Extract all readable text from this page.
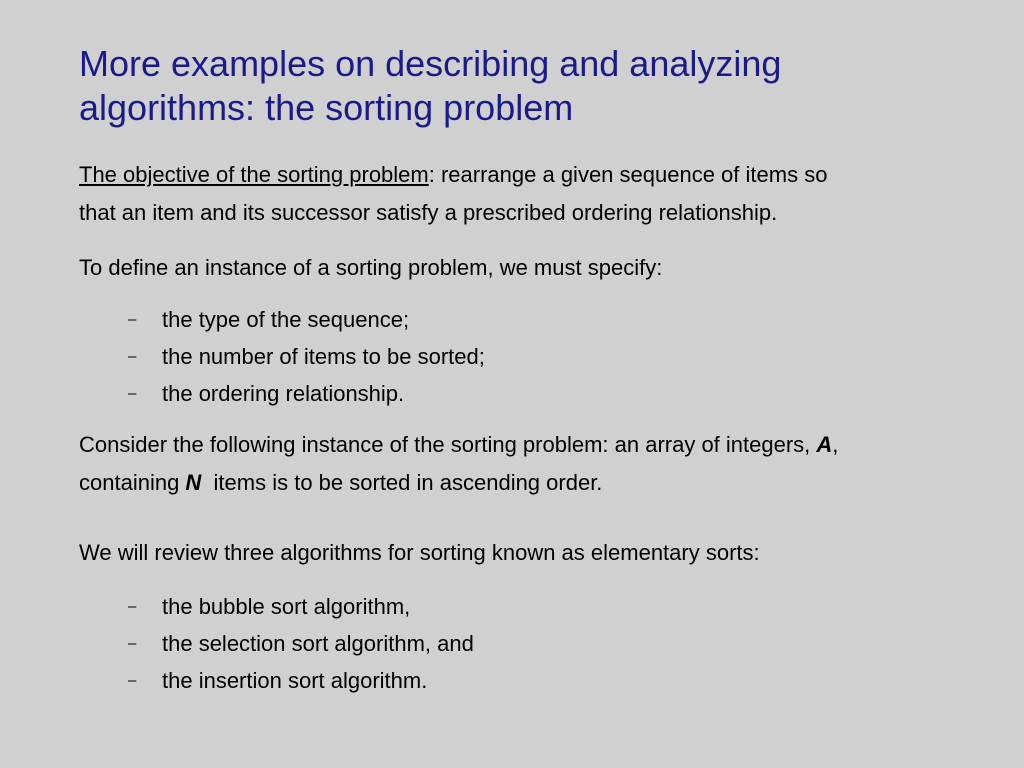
More examples on describing and analyzing
algorithms: the sorting problem

The objective of the sorting problem: rearrange a given sequence of items so
that an item and its successor satisfy a prescribed ordering relationship.

To define an instance of a sorting problem, we must specify:

– the type of the sequence;
– the number of items to be sorted;
– the ordering relationship.

Consider the following instance of the sorting problem: an array of integers, A,
containing N  items is to be sorted in ascending order.

We will review three algorithms for sorting known as elementary sorts:

– the bubble sort algorithm,
– the selection sort algorithm, and
– the insertion sort algorithm.
